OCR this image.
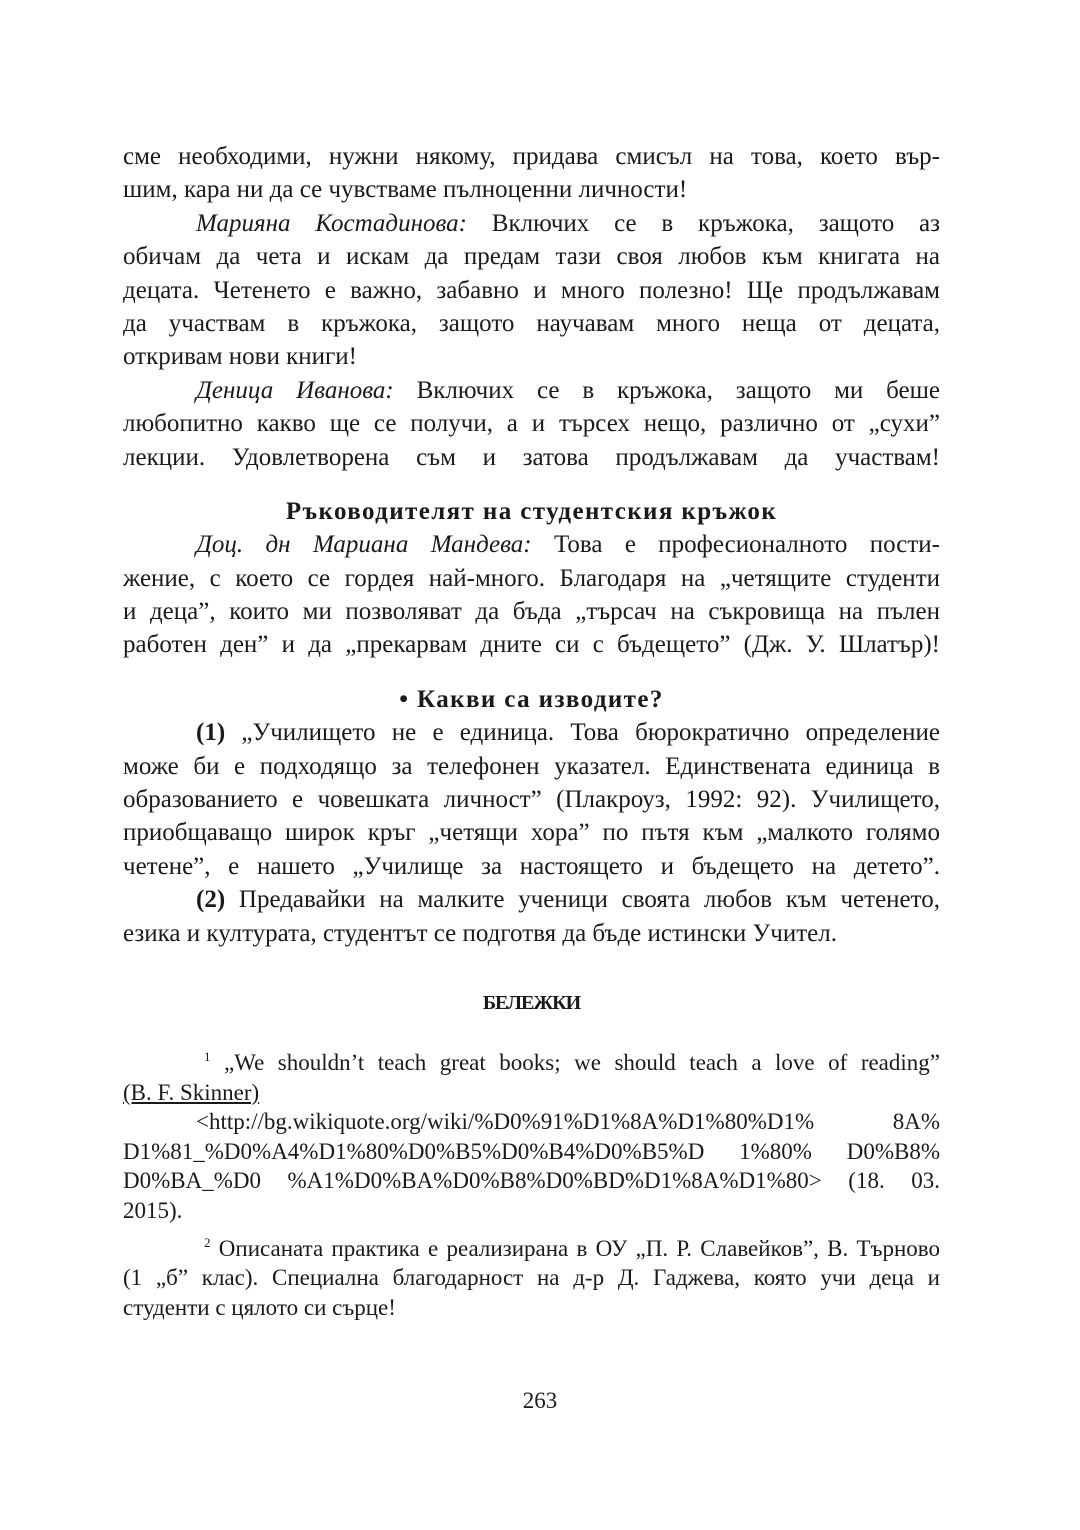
сме необходими, нужни някому, придава смисъл на това, което вър-
шим, кара ни да се чувстваме пълноценни личности!
Марияна Костадинова: Включих се в кръжока, защото аз
обичам да чета и искам да предам тази своя любов към книгата на
децата. Четенето е важно, забавно и много полезно! Ще продължавам
да участвам в кръжока, защото научавам много неща от децата,
откривам нови книги!
Деница Иванова: Включих се в кръжока, защото ми беше
любопитно какво ще се получи, а и търсех нещо, различно от „сухи”
лекции. Удовлетворена съм и затова продължавам да участвам!
Ръководителят на студентския кръжок
Доц. дн Мариана Мандева: Това е професионалното пости-
жение, с което се гордея най-много. Благодаря на „четящите студенти
и деца”, които ми позволяват да бъда „търсач на съкровища на пълен
работен ден” и да „прекарвам дните си с бъдещето” (Дж. У. Шлатър)!
• Какви са изводите?
(1) „Училището не е единица. Това бюрократично определение
може би е подходящо за телефонен указател. Единствената единица в
образованието е човешката личност” (Плакроуз, 1992: 92). Училището,
приобщаващо широк кръг „четящи хора” по пътя към „малкото голямо
четене”, е нашето „Училище за настоящето и бъдещето на детето”.
(2) Предавайки на малките ученици своята любов към четенето,
езика и културата, студентът се подготвя да бъде истински Учител.
БЕЛЕЖКИ
$^1$ „We shouldn’t teach great books; we should teach a love of reading”
(B. F. Skinner)
<http://bg.wikiquote.org/wiki/%D0%91%D1%8A%D1%80%D1% 8A%
D1%81_%D0%A4%D1%80%D0%B5%D0%B4%D0%B5%D 1%80% D0%B8%
D0%BA_%D0 %A1%D0%BA%D0%B8%D0%BD%D1%8A%D1%80> (18. 03.
2015).
$^2$ Описаната практика е реализирана в ОУ „П. Р. Славейков”, В. Търново
(1 „б” клас). Специална благодарност на д-р Д. Гаджева, която учи деца и
студенти с цялото си сърце!
263
